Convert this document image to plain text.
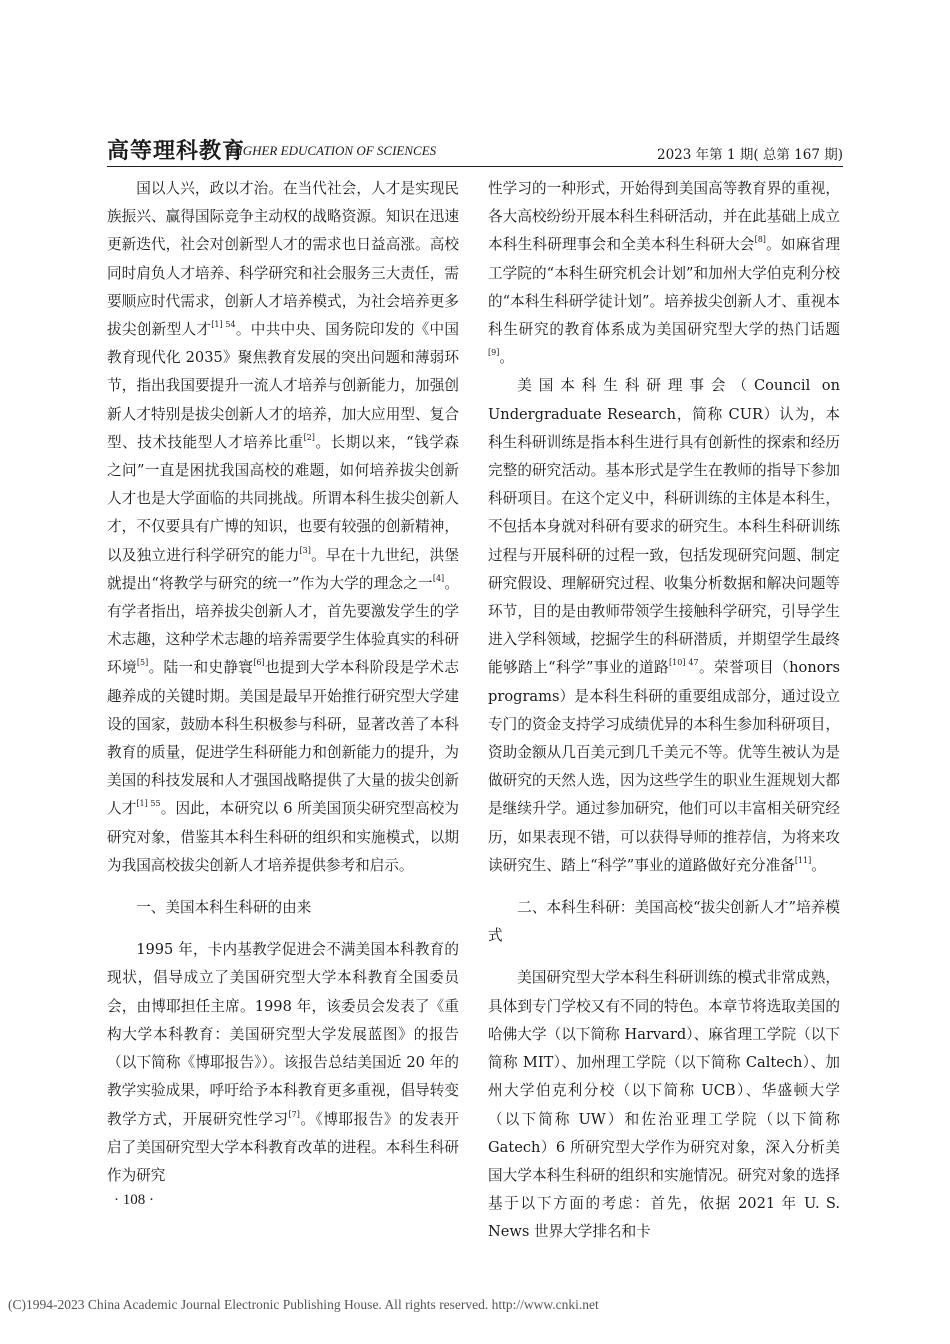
高等理科教育
HIGHER EDUCATION OF SCIENCES	2023 年第 1 期( 总第 167 期)

国以人兴，政以才治。在当代社会，人才是实现民族振兴、赢得国际竞争主动权的战略资源。知识在迅速更新迭代，社会对创新型人才的需求也日益高涨。高校同时肩负人才培养、科学研究和社会服务三大责任，需要顺应时代需求，创新人才培养模式，为社会培养更多拔尖创新型人才$^{[1] 54}$。中共中央、国务院印发的《中国教育现代化 2035》聚焦教育发展的突出问题和薄弱环节，指出我国要提升一流人才培养与创新能力，加强创新人才特别是拔尖创新人才的培养，加大应用型、复合型、技术技能型人才培养比重[2]。长期以来，“钱学森之问”一直是困扰我国高校的难题，如何培养拔尖创新人才也是大学面临的共同挑战。所谓本科生拔尖创新人才，不仅要具有广博的知识，也要有较强的创新精神，以及独立进行科学研究的能力[3]。早在十九世纪，洪堡就提出“将教学与研究的统一”作为大学的理念之一[4]。有学者指出，培养拔尖创新人才，首先要激发学生的学术志趣，这种学术志趣的培养需要学生体验真实的科研环境[5]。陆一和史静寰[6]也提到大学本科阶段是学术志趣养成的关键时期。美国是最早开始推行研究型大学建设的国家，鼓励本科生积极参与科研，显著改善了本科教育的质量，促进学生科研能力和创新能力的提升，为美国的科技发展和人才强国战略提供了大量的拔尖创新人才$^{[1] 55}$。因此，本研究以 6 所美国顶尖研究型高校为研究对象，借鉴其本科生科研的组织和实施模式，以期为我国高校拔尖创新人才培养提供参考和启示。

一、美国本科生科研的由来

1995 年，卡内基教学促进会不满美国本科教育的现状，倡导成立了美国研究型大学本科教育全国委员会，由博耶担任主席。1998 年，该委员会发表了《重构大学本科教育：美国研究型大学发展蓝图》的报告（以下简称《博耶报告》）。该报告总结美国近 20 年的教学实验成果，呼吁给予本科教育更多重视，倡导转变教学方式，开展研究性学习[7]。《博耶报告》的发表开启了美国研究型大学本科教育改革的进程。本科生科研作为研究

性学习的一种形式，开始得到美国高等教育界的重视，各大高校纷纷开展本科生科研活动，并在此基础上成立本科生科研理事会和全美本科生科研大会[8]。如麻省理工学院的“本科生研究机会计划”和加州大学伯克利分校的“本科生科研学徒计划”。培养拔尖创新人才、重视本科生研究的教育体系成为美国研究型大学的热门话题[9]。

美国本科生科研理事会（Council on Undergraduate Research，简称 CUR）认为，本科生科研训练是指本科生进行具有创新性的探索和经历完整的研究活动。基本形式是学生在教师的指导下参加科研项目。在这个定义中，科研训练的主体是本科生，不包括本身就对科研有要求的研究生。本科生科研训练过程与开展科研的过程一致，包括发现研究问题、制定研究假设、理解研究过程、收集分析数据和解决问题等环节，目的是由教师带领学生接触科学研究，引导学生进入学科领域，挖掘学生的科研潜质，并期望学生最终能够踏上“科学”事业的道路$^{[10] 47}$。荣誉项目（honors programs）是本科生科研的重要组成部分，通过设立专门的资金支持学习成绩优异的本科生参加科研项目，资助金额从几百美元到几千美元不等。优等生被认为是做研究的天然人选，因为这些学生的职业生涯规划大都是继续升学。通过参加研究，他们可以丰富相关研究经历，如果表现不错，可以获得导师的推荐信，为将来攻读研究生、踏上“科学”事业的道路做好充分准备[11]。

二、本科生科研：美国高校“拔尖创新人才”培养模式

美国研究型大学本科生科研训练的模式非常成熟，具体到专门学校又有不同的特色。本章节将选取美国的哈佛大学（以下简称 Harvard）、麻省理工学院（以下简称 MIT）、加州理工学院（以下简称 Caltech）、加州大学伯克利分校（以下简称 UCB）、华盛顿大学（以下简称 UW）和佐治亚理工学院（以下简称 Gatech）6 所研究型大学作为研究对象，深入分析美国大学本科生科研的组织和实施情况。研究对象的选择基于以下方面的考虑：首先，依据 2021 年 U. S. News 世界大学排名和卡

· 108 ·
(C)1994-2023 China Academic Journal Electronic Publishing House. All rights reserved. http://www.cnki.net
